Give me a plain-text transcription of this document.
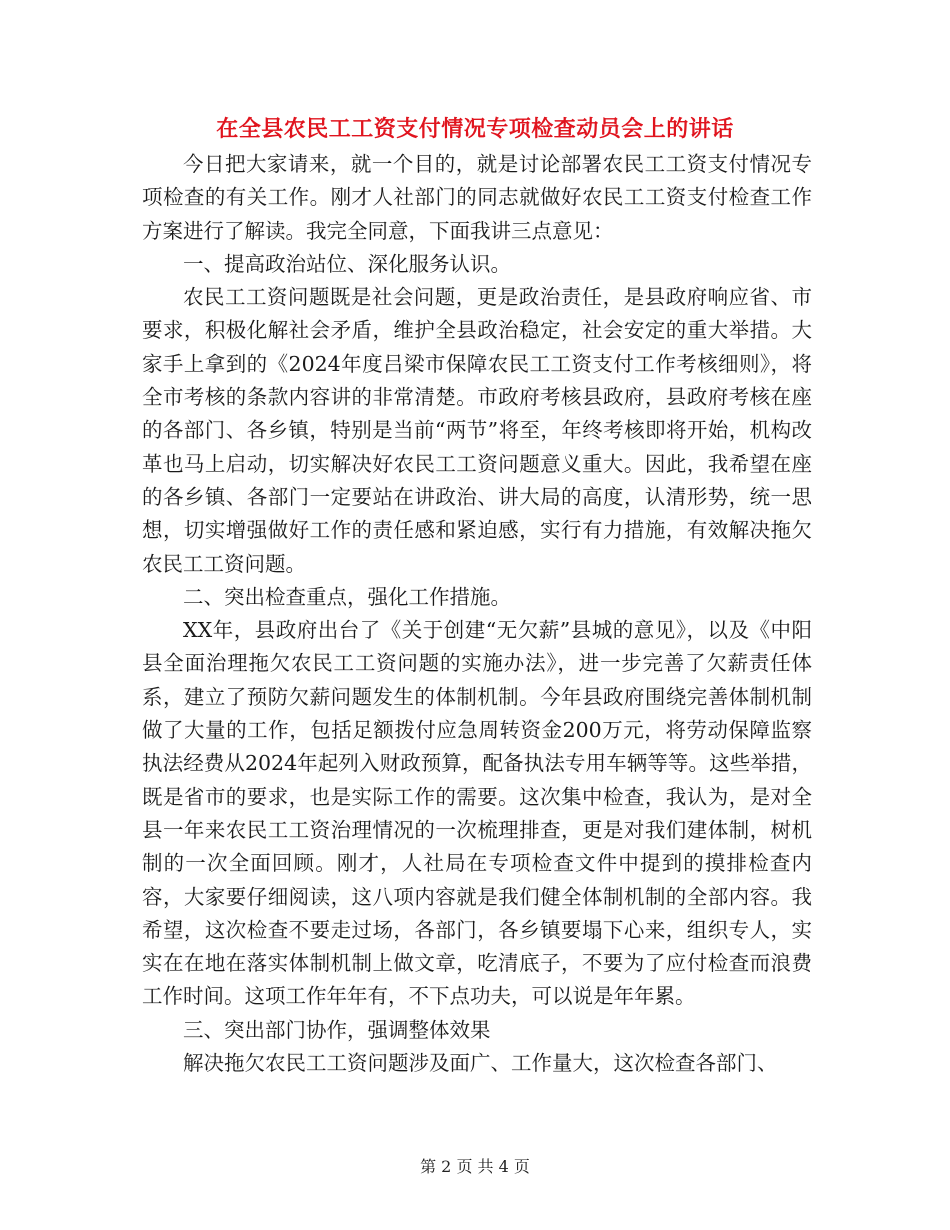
在全县农民工工资支付情况专项检查动员会上的讲话

今日把大家请来，就一个目的，就是讨论部署农民工工资支付情况专项检查的有关工作。刚才人社部门的同志就做好农民工工资支付检查工作方案进行了解读。我完全同意，下面我讲三点意见：

一、提高政治站位、深化服务认识。

农民工工资问题既是社会问题，更是政治责任，是县政府响应省、市要求，积极化解社会矛盾，维护全县政治稳定，社会安定的重大举措。大家手上拿到的《2024年度吕梁市保障农民工工资支付工作考核细则》，将全市考核的条款内容讲的非常清楚。市政府考核县政府，县政府考核在座的各部门、各乡镇，特别是当前“两节”将至，年终考核即将开始，机构改革也马上启动，切实解决好农民工工资问题意义重大。因此，我希望在座的各乡镇、各部门一定要站在讲政治、讲大局的高度，认清形势，统一思想，切实增强做好工作的责任感和紧迫感，实行有力措施，有效解决拖欠农民工工资问题。

二、突出检查重点，强化工作措施。

XX年，县政府出台了《关于创建“无欠薪”县城的意见》，以及《中阳县全面治理拖欠农民工工资问题的实施办法》，进一步完善了欠薪责任体系，建立了预防欠薪问题发生的体制机制。今年县政府围绕完善体制机制做了大量的工作，包括足额拨付应急周转资金200万元，将劳动保障监察执法经费从2024年起列入财政预算，配备执法专用车辆等等。这些举措，既是省市的要求，也是实际工作的需要。这次集中检查，我认为，是对全县一年来农民工工资治理情况的一次梳理排查，更是对我们建体制，树机制的一次全面回顾。刚才，人社局在专项检查文件中提到的摸排检查内容，大家要仔细阅读，这八项内容就是我们健全体制机制的全部内容。我希望，这次检查不要走过场，各部门，各乡镇要塌下心来，组织专人，实实在在地在落实体制机制上做文章，吃清底子，不要为了应付检查而浪费工作时间。这项工作年年有，不下点功夫，可以说是年年累。

三、突出部门协作，强调整体效果

解决拖欠农民工工资问题涉及面广、工作量大，这次检查各部门、

第 2 页 共 4 页
